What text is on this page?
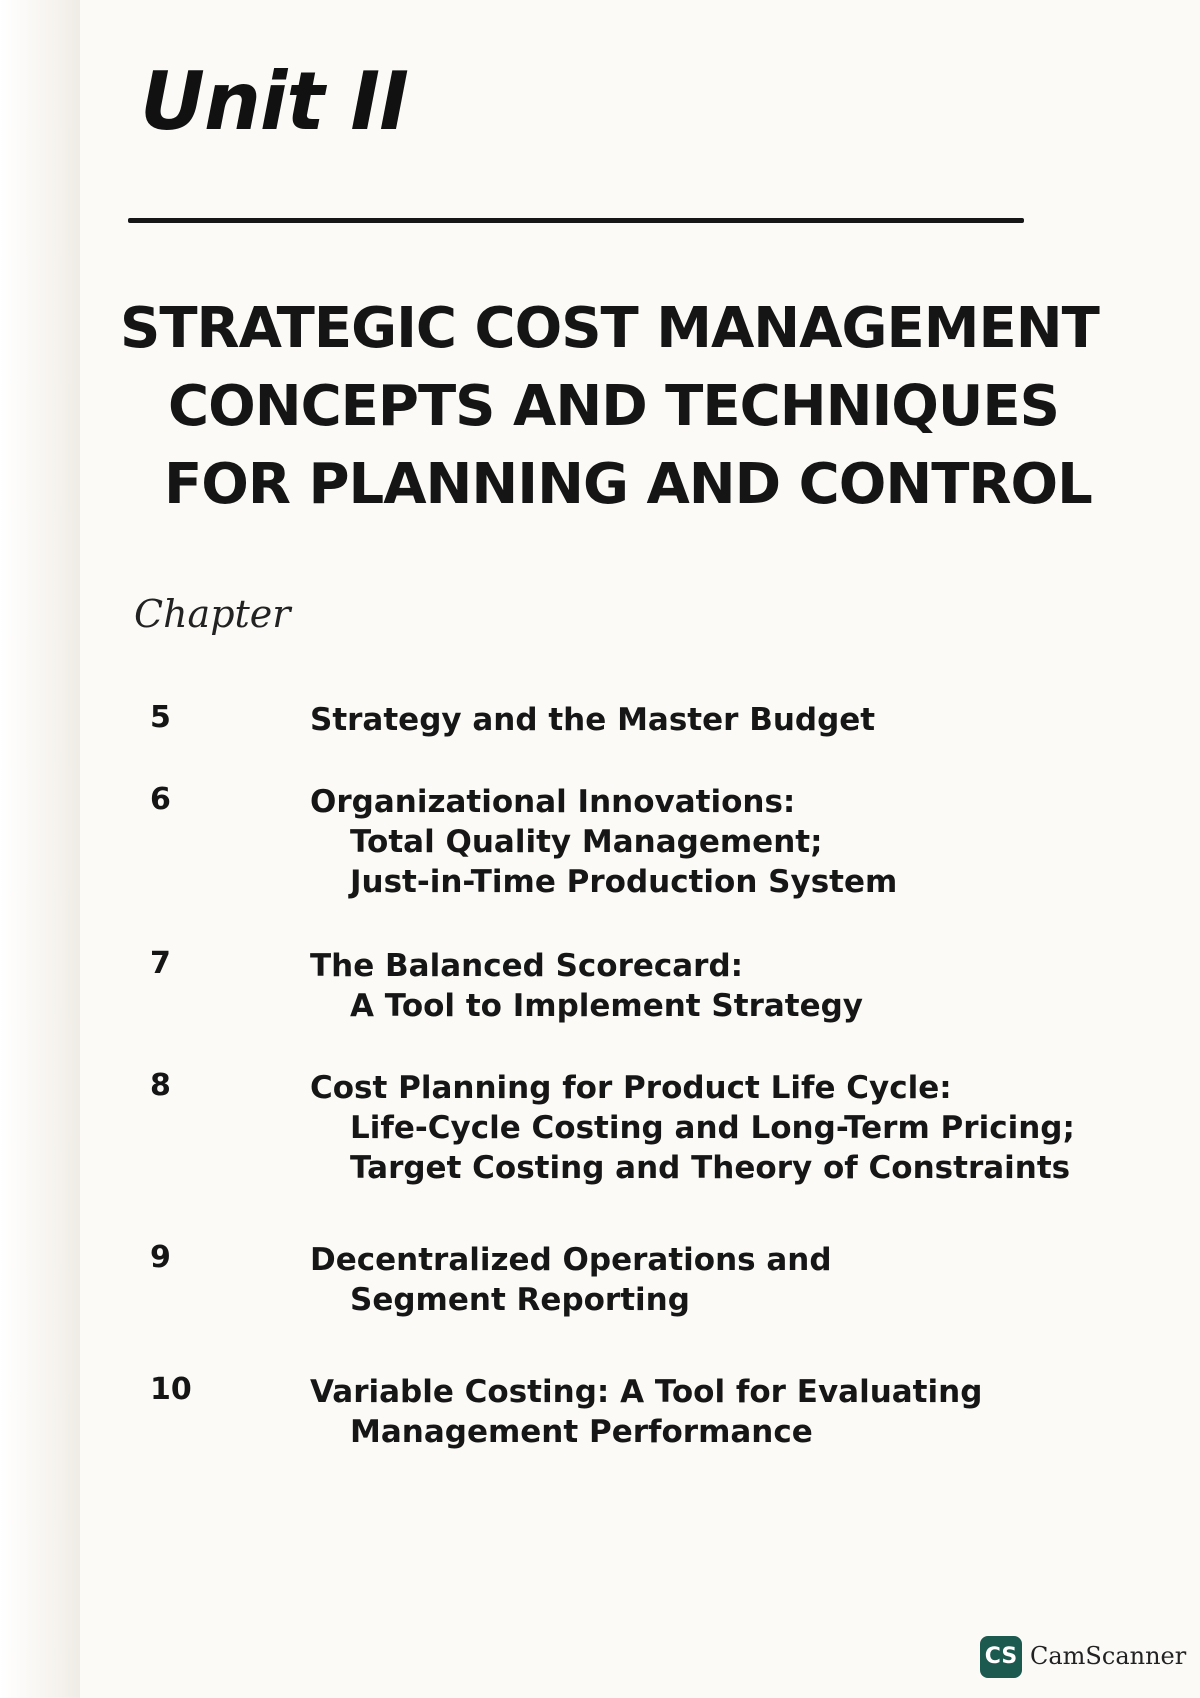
Unit II
STRATEGIC COST MANAGEMENT
CONCEPTS AND TECHNIQUES
FOR PLANNING AND CONTROL
Chapter
5	Strategy and the Master Budget
6	Organizational Innovations:
Total Quality Management;
Just-in-Time Production System
7	The Balanced Scorecard:
A Tool to Implement Strategy
8	Cost Planning for Product Life Cycle:
Life-Cycle Costing and Long-Term Pricing;
Target Costing and Theory of Constraints
9	Decentralized Operations and
Segment Reporting
10	Variable Costing: A Tool for Evaluating
Management Performance
CS CamScanner
